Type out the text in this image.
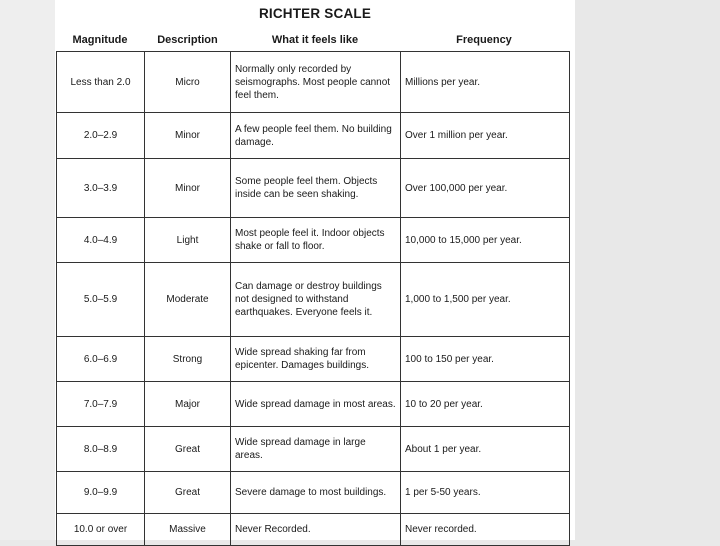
RICHTER SCALE
Magnitude	Description	What it feels like	Frequency
Less than 2.0	Micro	Normally only recorded by seismographs. Most people cannot feel them.	Millions per year.
2.0–2.9	Minor	A few people feel them. No building damage.	Over 1 million per year.
3.0–3.9	Minor	Some people feel them. Objects inside can be seen shaking.	Over 100,000 per year.
4.0–4.9	Light	Most people feel it. Indoor objects shake or fall to floor.	10,000 to 15,000 per year.
5.0–5.9	Moderate	Can damage or destroy buildings not designed to withstand earthquakes. Everyone feels it.	1,000 to 1,500 per year.
6.0–6.9	Strong	Wide spread shaking far from epicenter. Damages buildings.	100 to 150 per year.
7.0–7.9	Major	Wide spread damage in most areas.	10 to 20 per year.
8.0–8.9	Great	Wide spread damage in large areas.	About 1 per year.
9.0–9.9	Great	Severe damage to most buildings.	1 per 5-50 years.
10.0 or over	Massive	Never Recorded.	Never recorded.
